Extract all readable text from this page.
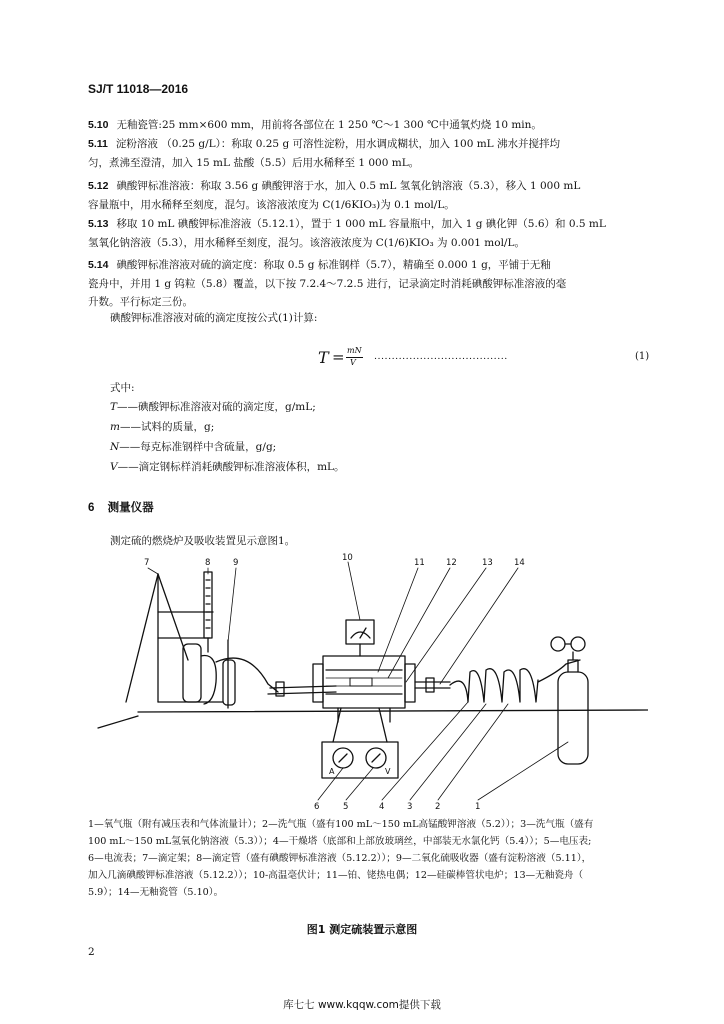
SJ/T 11018—2016
5.10 无釉瓷管:25 mm×600 mm，用前将各部位在 1 250 ℃～1 300 ℃中通氧灼烧 10 min。
5.11 淀粉溶液 （0.25 g/L）：称取 0.25 g 可溶性淀粉，用水调成糊状，加入 100 mL 沸水并搅拌均
匀，煮沸至澄清，加入 15 mL 盐酸（5.5）后用水稀释至 1 000 mL。
5.12 碘酸钾标准溶液：称取 3.56 g 碘酸钾溶于水，加入 0.5 mL 氢氧化钠溶液（5.3），移入 1 000 mL
容量瓶中，用水稀释至刻度，混匀。该溶液浓度为 C(1/6KIO₃)为 0.1 mol/L。
5.13 移取 10 mL 碘酸钾标准溶液（5.12.1），置于 1 000 mL 容量瓶中，加入 1 g 碘化钾（5.6）和 0.5 mL
氢氧化钠溶液（5.3），用水稀释至刻度，混匀。该溶液浓度为 C(1/6)KIO₃ 为 0.001 mol/L。
5.14 碘酸钾标准溶液对硫的滴定度：称取 0.5 g 标准钢样（5.7），精确至 0.000 1 g，平铺于无釉
瓷舟中，并用 1 g 钨粒（5.8）覆盖，以下按 7.2.4～7.2.5 进行，记录滴定时消耗碘酸钾标准溶液的毫
升数。平行标定三份。
碘酸钾标准溶液对硫的滴定度按公式(1)计算:
T = mN
V
......................................	(1)
式中:
T——碘酸钾标准溶液对硫的滴定度，g/mL;
m——试料的质量，g;
N——每克标准钢样中含硫量，g/g;
V——滴定钢标样消耗碘酸钾标准溶液体积，mL。
6 测量仪器
测定硫的燃烧炉及吸收装置见示意图1。
A	V
7	8	9	10	11 12	13 14
6	5	4	3	2	1
1—氧气瓶（附有减压表和气体流量计）；2—洗气瓶（盛有100 mL～150 mL高锰酸钾溶液（5.2））；3—洗气瓶（盛有
100 mL～150 mL氢氧化钠溶液（5.3））；4—干燥塔（底部和上部放玻璃丝，中部装无水氯化钙（5.4））；5—电压表;
6—电流表；7—滴定架；8—滴定管（盛有碘酸钾标准溶液（5.12.2））；9—二氧化硫吸收器（盛有淀粉溶液（5.11），
加入几滴碘酸钾标准溶液（5.12.2））；10-高温毫伏计；11—铂、铑热电偶；12—硅碳棒管状电炉；13—无釉瓷舟（
5.9）；14—无釉瓷管（5.10）。
图1 测定硫装置示意图
2
库七七 www.kqqw.com提供下载
